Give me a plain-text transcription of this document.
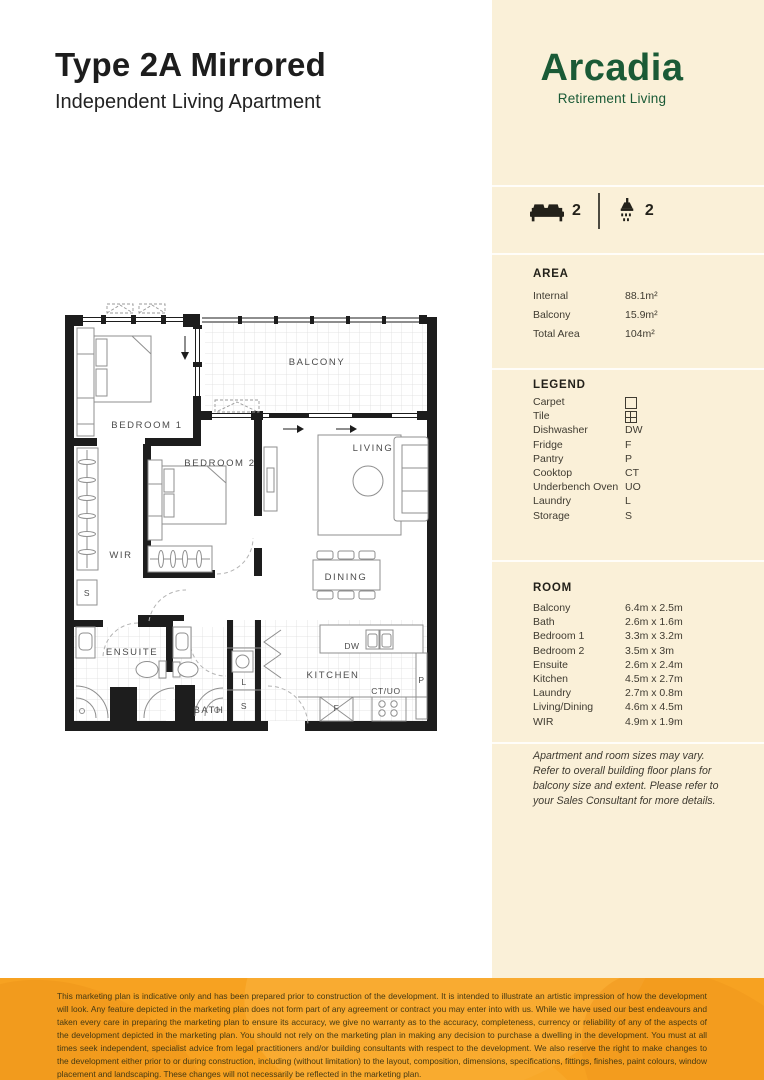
Type 2A Mirrored
Independent Living Apartment
BALCONY
BEDROOM 1
BEDROOM 2
LIVING
DINING
WIR
ENSUITE
BATH
KITCHEN
DW
CT/UO
F
P
L
S
S
Arcadia
Retirement Living
2	2
AREA
Internal	88.1m²
Balcony	15.9m²
Total Area	104m²
LEGEND
Carpet
Tile
Dishwasher	DW
Fridge	F
Pantry	P
Cooktop	CT
Underbench Oven UO
Laundry	L
Storage	S
ROOM
Balcony	6.4m x 2.5m
Bath	2.6m x 1.6m
Bedroom 1	3.3m x 3.2m
Bedroom 2	3.5m x 3m
Ensuite	2.6m x 2.4m
Kitchen	4.5m x 2.7m
Laundry	2.7m x 0.8m
Living/Dining	4.6m x 4.5m
WIR	4.9m x 1.9m
Apartment and room sizes may vary. Refer to overall building floor plans for balcony size and extent. Please refer to your Sales Consultant for more details.
This marketing plan is indicative only and has been prepared prior to construction of the development. It is intended to illustrate an artistic impression of how the development will look. Any feature depicted in the marketing plan does not form part of any agreement or contract you may enter into with us. While we have used our best endeavours and taken every care in preparing the marketing plan to ensure its accuracy, we give no warranty as to the accuracy, completeness, currency or reliability of any of the aspects of the development depicted in the marketing plan. You should not rely on the marketing plan in making any decision to purchase a dwelling in the development. You must at all times seek independent, specialist advice from legal practitioners and/or building consultants with respect to the development. We also reserve the right to make changes to the development either prior to or during construction, including (without limitation) to the layout, composition, dimensions, specifications, fittings, finishes, paint colours, window placement and landscaping. These changes will not necessarily be reflected in the marketing plan.
